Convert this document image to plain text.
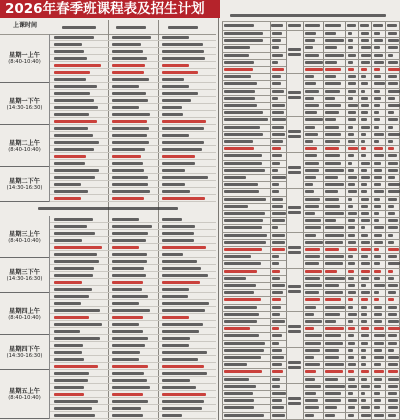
2026年春季班课程表及招生计划
上课时间
星期一上午
(8:40-10:40)
星期一下午
(14:30-16:30)
星期二上午
(8:40-10:40)
星期二下午
(14:30-16:30)
星期三上午
(8:40-10:40)
星期三下午
(14:30-16:30)
星期四上午
(8:40-10:40)
星期四下午
(14:30-16:30)
星期五上午
(8:40-10:40)
